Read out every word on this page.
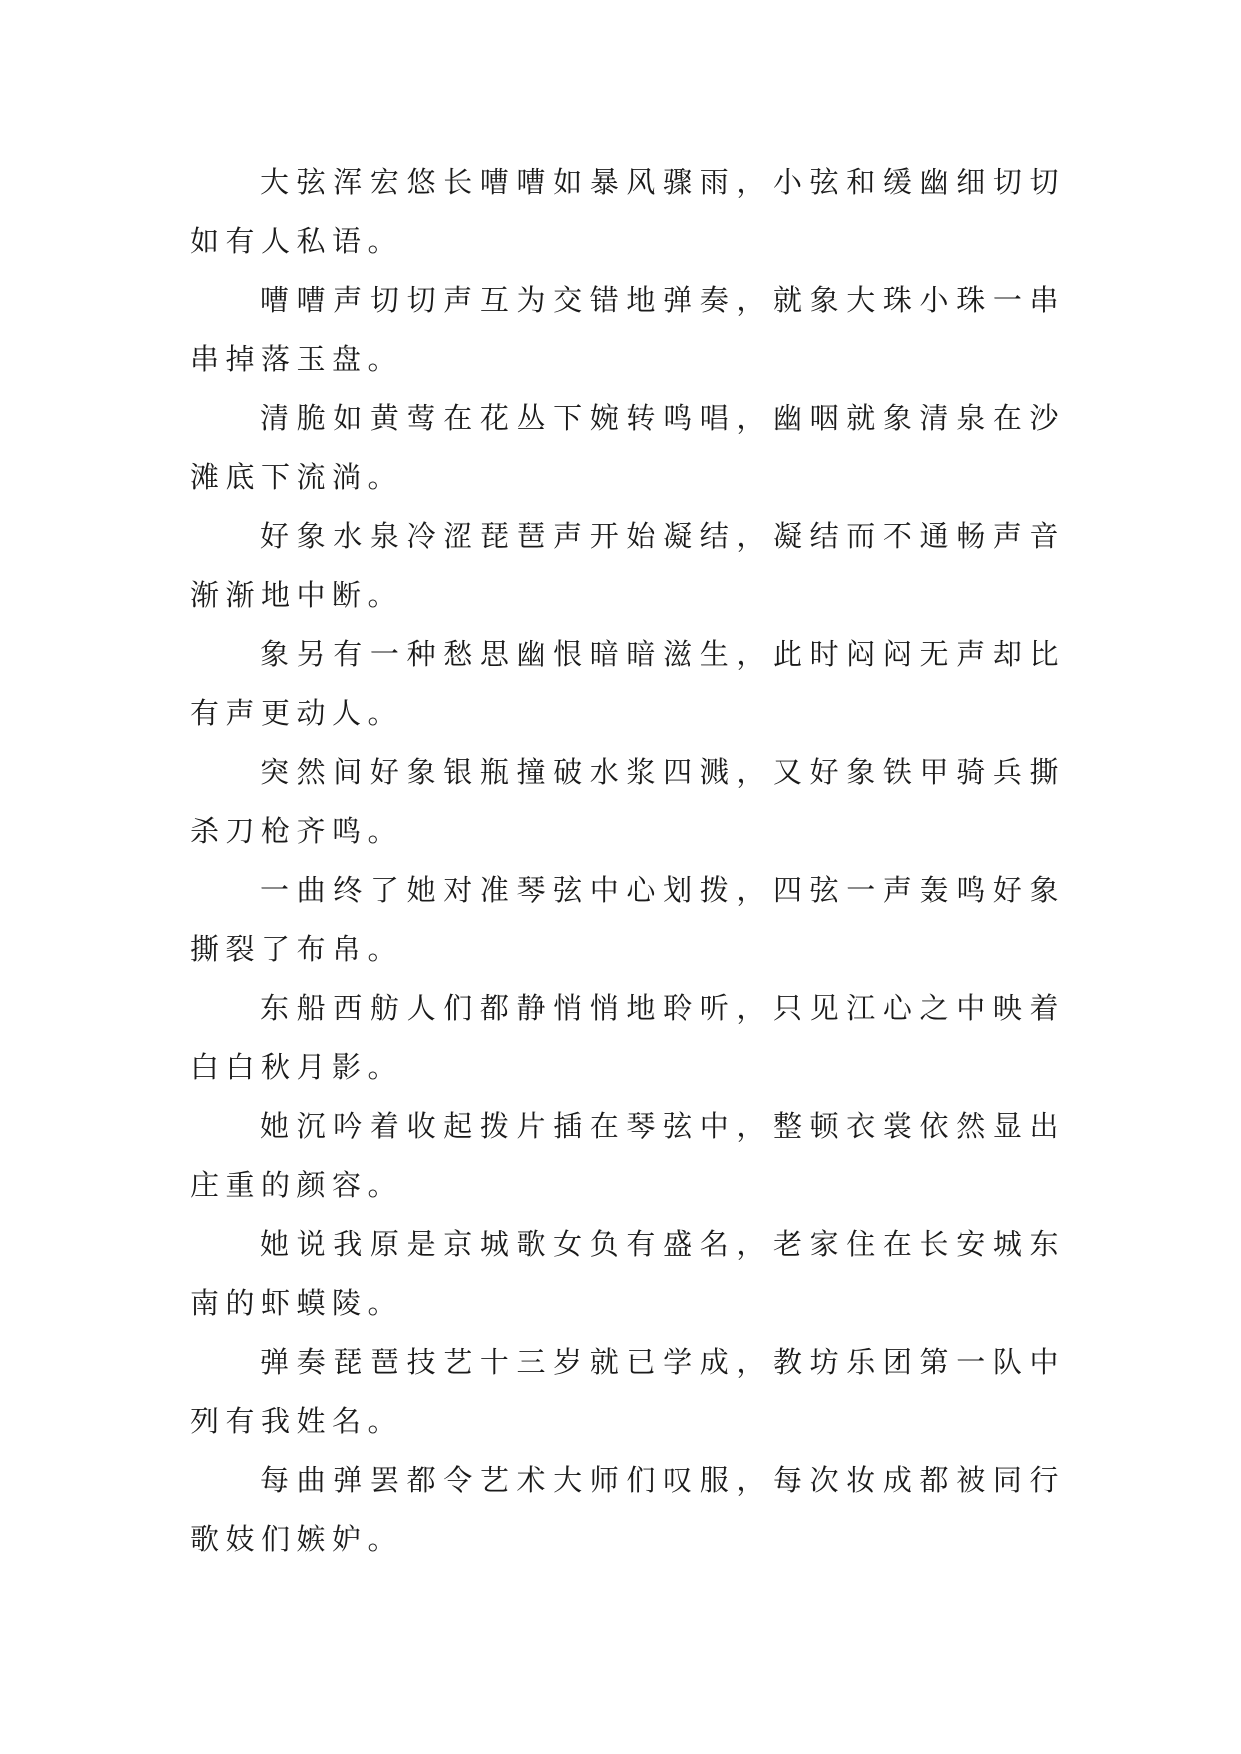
大弦浑宏悠长嘈嘈如暴风骤雨，小弦和缓幽细切切如有人私语。

嘈嘈声切切声互为交错地弹奏，就象大珠小珠一串串掉落玉盘。

清脆如黄莺在花丛下婉转鸣唱，幽咽就象清泉在沙滩底下流淌。

好象水泉冷涩琵琶声开始凝结，凝结而不通畅声音渐渐地中断。

象另有一种愁思幽恨暗暗滋生，此时闷闷无声却比有声更动人。

突然间好象银瓶撞破水浆四溅，又好象铁甲骑兵撕杀刀枪齐鸣。

一曲终了她对准琴弦中心划拨，四弦一声轰鸣好象撕裂了布帛。

东船西舫人们都静悄悄地聆听，只见江心之中映着白白秋月影。

她沉吟着收起拨片插在琴弦中，整顿衣裳依然显出庄重的颜容。

她说我原是京城歌女负有盛名，老家住在长安城东南的虾蟆陵。

弹奏琵琶技艺十三岁就已学成，教坊乐团第一队中列有我姓名。

每曲弹罢都令艺术大师们叹服，每次妆成都被同行歌妓们嫉妒。
